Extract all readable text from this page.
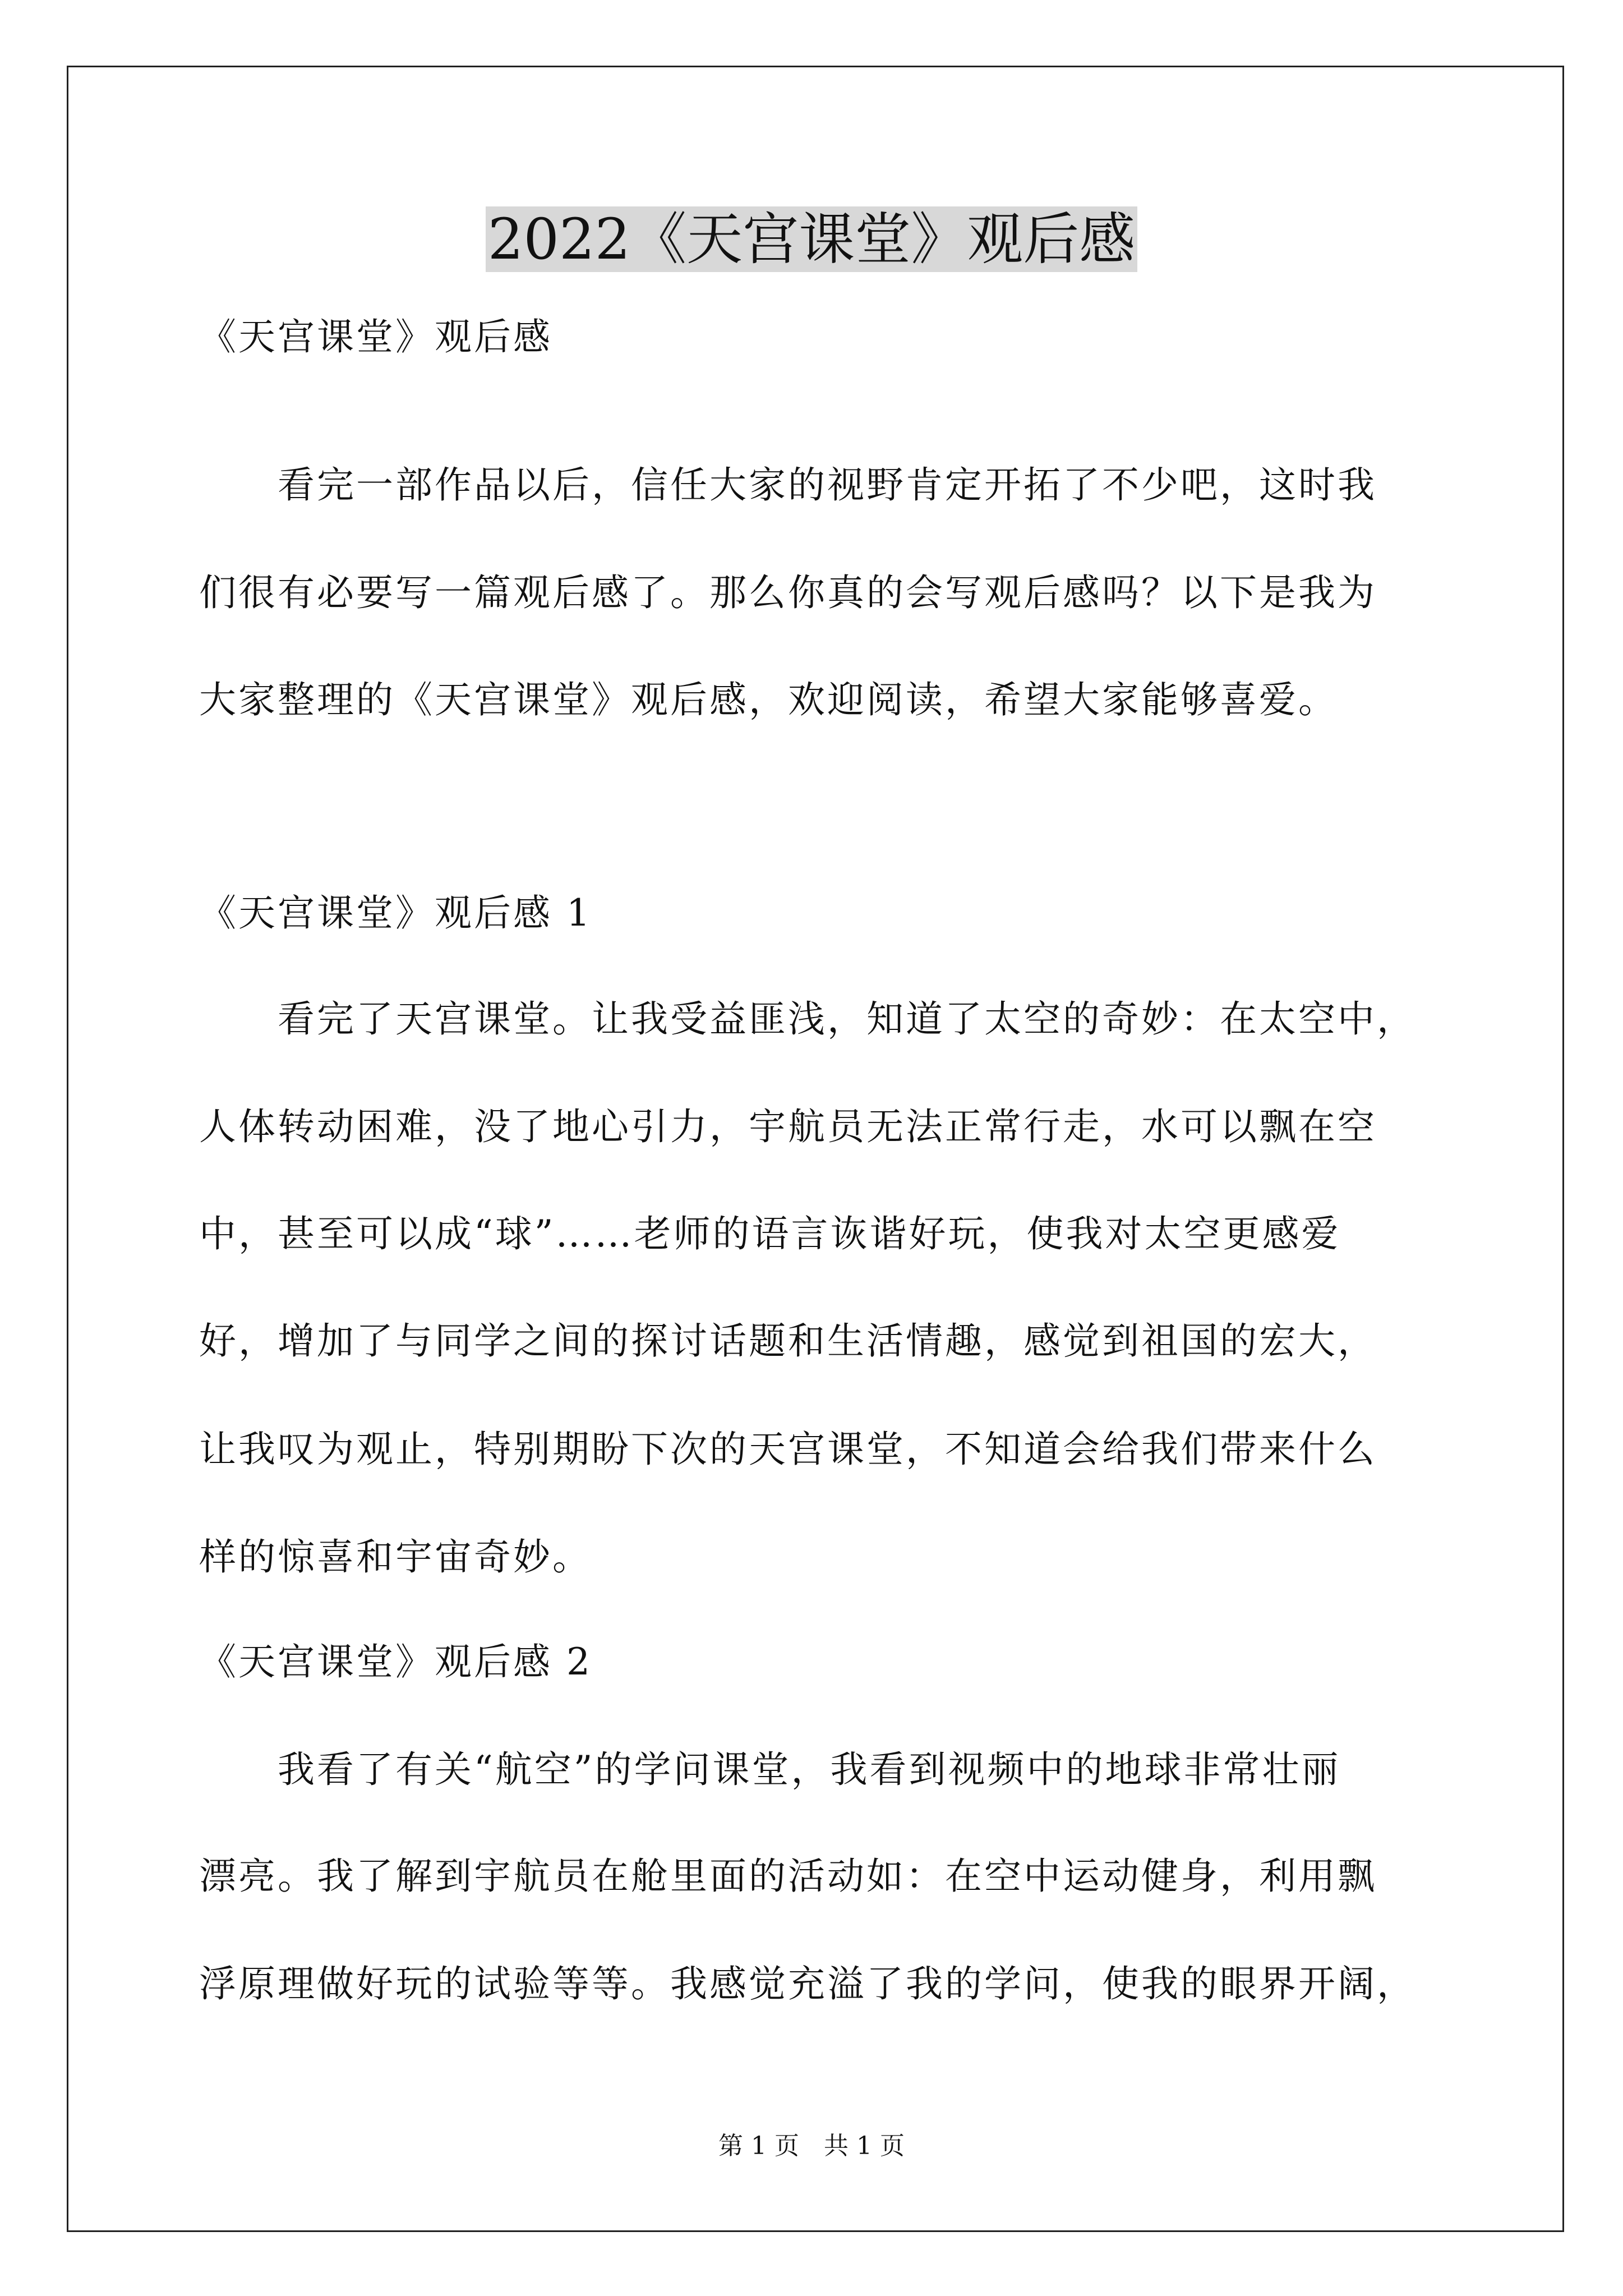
2022《天宫课堂》观后感
《天宫课堂》观后感
　　看完一部作品以后，信任大家的视野肯定开拓了不少吧，这时我
们很有必要写一篇观后感了。那么你真的会写观后感吗？以下是我为
大家整理的《天宫课堂》观后感，欢迎阅读，希望大家能够喜爱。
《天宫课堂》观后感 1
　　看完了天宫课堂。让我受益匪浅，知道了太空的奇妙：在太空中，
人体转动困难，没了地心引力，宇航员无法正常行走，水可以飘在空
中，甚至可以成“球”……老师的语言诙谐好玩，使我对太空更感爱
好，增加了与同学之间的探讨话题和生活情趣，感觉到祖国的宏大，
让我叹为观止，特别期盼下次的天宫课堂，不知道会给我们带来什么
样的惊喜和宇宙奇妙。
《天宫课堂》观后感 2
　　我看了有关“航空”的学问课堂，我看到视频中的地球非常壮丽
漂亮。我了解到宇航员在舱里面的活动如：在空中运动健身，利用飘
浮原理做好玩的试验等等。我感觉充溢了我的学问，使我的眼界开阔，
第 1 页　共 1 页
